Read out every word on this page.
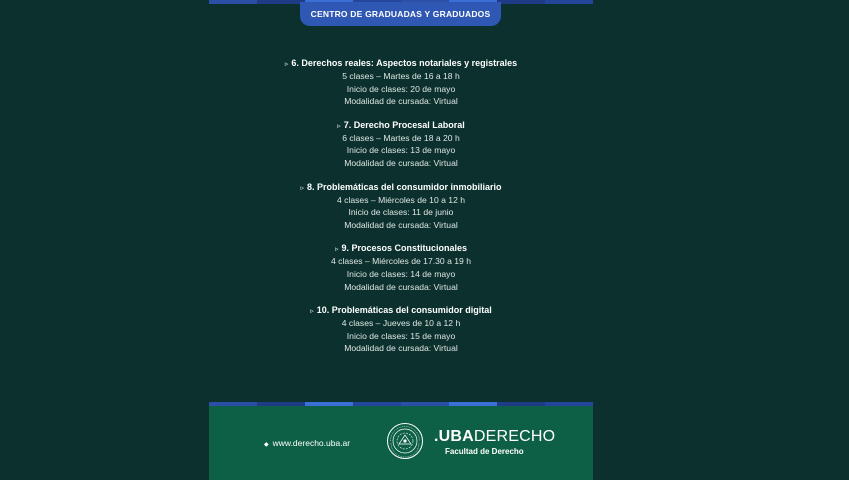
CENTRO DE GRADUADAS Y GRADUADOS
▹ 6. Derechos reales: Aspectos notariales y registrales
5 clases – Martes de 16 a 18 h
Inicio de clases: 20 de mayo
Modalidad de cursada: Virtual
▹ 7. Derecho Procesal Laboral
6 clases – Martes de 18 a 20 h
Inicio de clases: 13 de mayo
Modalidad de cursada: Virtual
▹ 8. Problemáticas del consumidor inmobiliario
4 clases – Miércoles de 10 a 12 h
Inicio de clases: 11 de junio
Modalidad de cursada: Virtual
▹ 9. Procesos Constitucionales
4 clases – Miércoles de 17.30 a 19 h
Inicio de clases: 14 de mayo
Modalidad de cursada: Virtual
▹ 10. Problemáticas del consumidor digital
4 clases – Jueves de 10 a 12 h
Inicio de clases: 15 de mayo
Modalidad de cursada: Virtual
◆ www.derecho.uba.ar	.UBADERECHO
Facultad de Derecho
